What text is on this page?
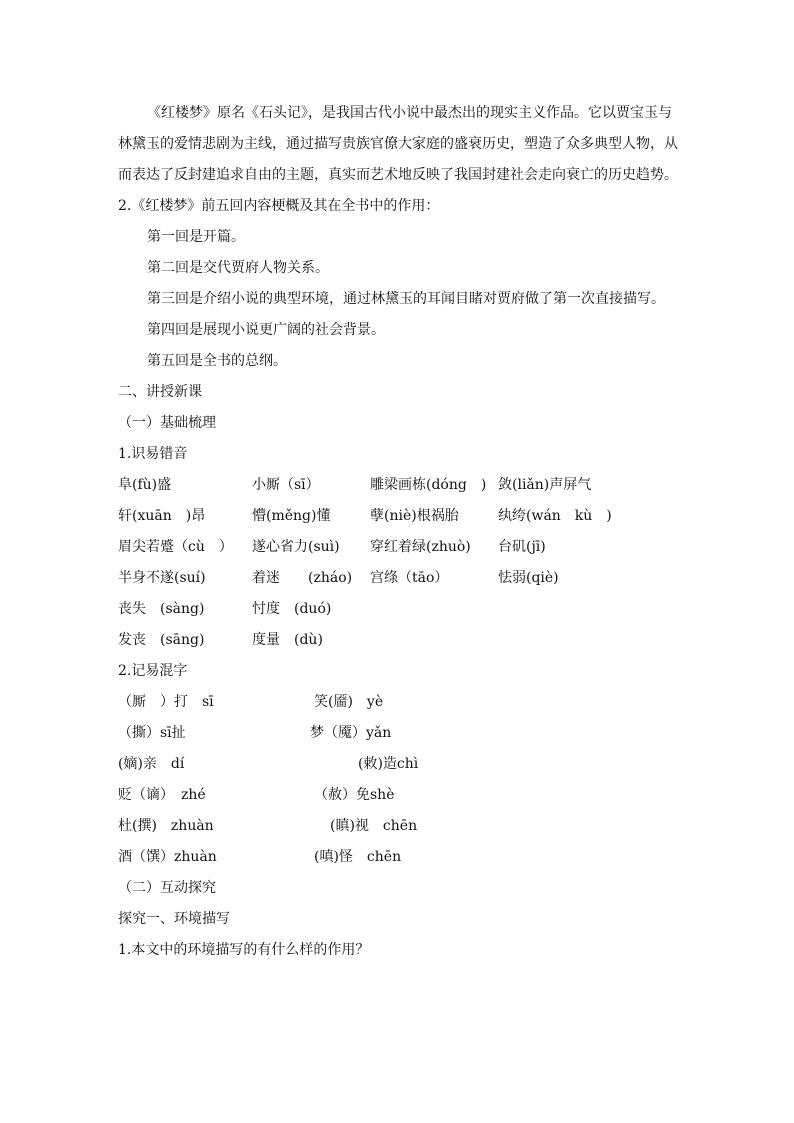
《红楼梦》原名《石头记》，是我国古代小说中最杰出的现实主义作品。它以贾宝玉与
林黛玉的爱情悲剧为主线，通过描写贵族官僚大家庭的盛衰历史，塑造了众多典型人物，从
而表达了反封建追求自由的主题，真实而艺术地反映了我国封建社会走向衰亡的历史趋势。
2.《红楼梦》前五回内容梗概及其在全书中的作用：
第一回是开篇。
第二回是交代贾府人物关系。
第三回是介绍小说的典型环境，通过林黛玉的耳闻目睹对贾府做了第一次直接描写。
第四回是展现小说更广阔的社会背景。
第五回是全书的总纲。
二、讲授新课
（一）基础梳理
1.识易错音
阜(fù)盛	小厮（sī）	雕梁画栋(dóng　) 敛(liǎn)声屏气
轩(xuān　)昂	懵(měng)懂	孽(niè)根祸胎	纨绔(wán　kù　)
眉尖若蹙（cù　） 遂心省力(suì) 穿红着绿(zhuò) 台矶(jī)
半身不遂(suí)	着迷　　(zháo) 宫绦（tāo）	怯弱(qiè)
丧失　(sàng)	忖度　(duó)
发丧　(sāng)	度量　(dù)
2.记易混字
（厮　）打　sī	笑(靥)　yè
（撕）sī扯	梦（魇）yǎn
(嫡)亲　dí	(敕)造chì
贬（谪）　zhé	（赦）免shè
杜(撰)　zhuàn	(瞋)视　chēn
酒（馔）zhuàn	(嗔)怪　chēn
（二）互动探究
探究一、环境描写
1.本文中的环境描写的有什么样的作用？
